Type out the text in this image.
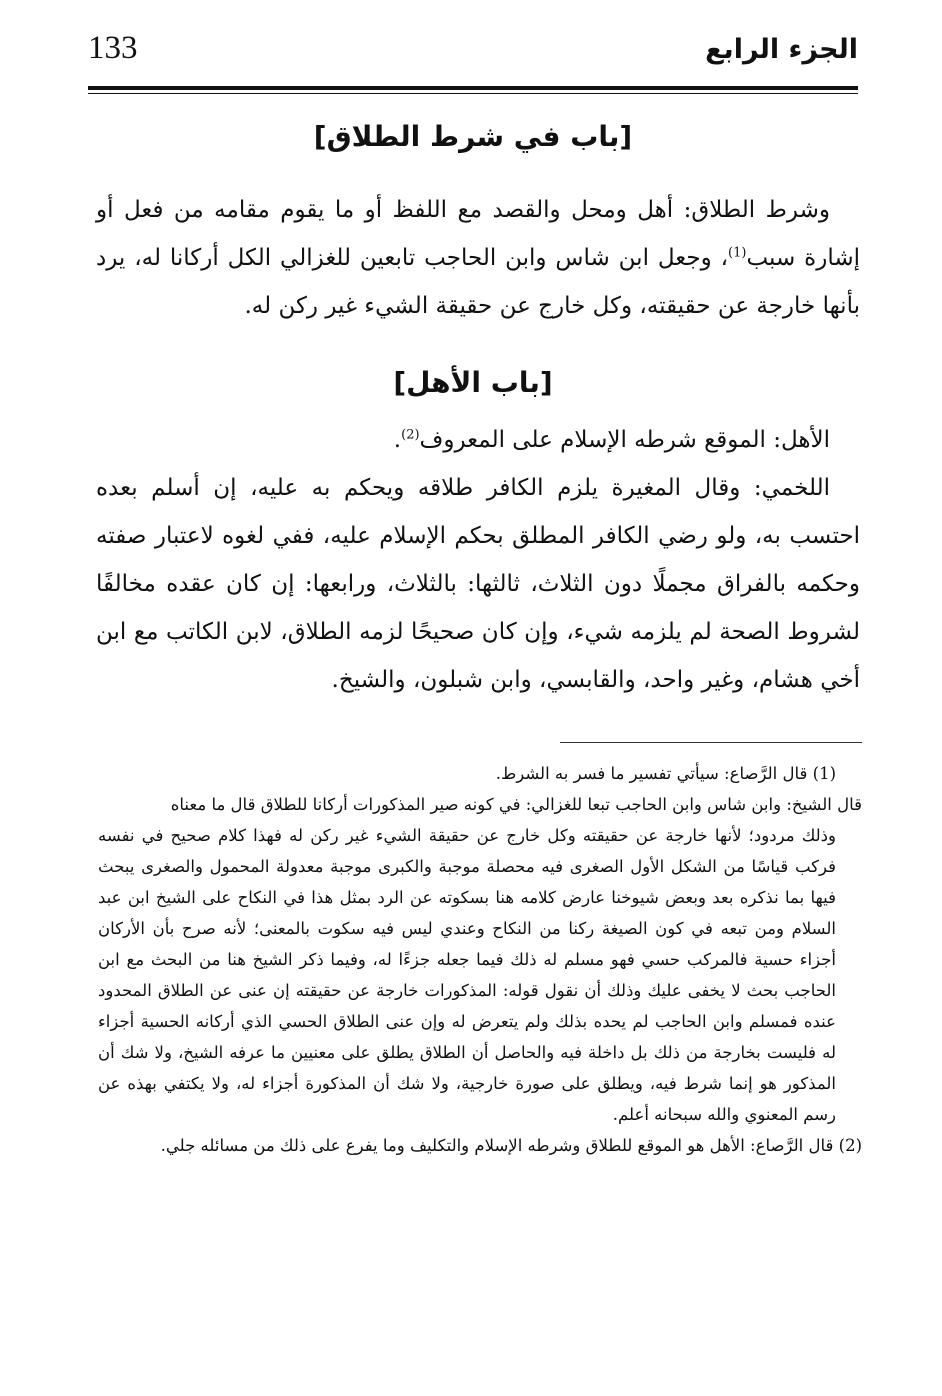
الجزء الرابع
133
[باب في شرط الطلاق]

وشرط الطلاق: أهل ومحل والقصد مع اللفظ أو ما يقوم مقامه من فعل أو إشارة سبب$^{(1)}$، وجعل ابن شاس وابن الحاجب تابعين للغزالي الكل أركانا له، يرد بأنها خارجة عن حقيقته، وكل خارج عن حقيقة الشيء غير ركن له.

[باب الأهل]

الأهل: الموقع شرطه الإسلام على المعروف$^{(2)}$.

اللخمي: وقال المغيرة يلزم الكافر طلاقه ويحكم به عليه، إن أسلم بعده احتسب به، ولو رضي الكافر المطلق بحكم الإسلام عليه، ففي لغوه لاعتبار صفته وحكمه بالفراق مجملًا دون الثلاث، ثالثها: بالثلاث، ورابعها: إن كان عقده مخالفًا لشروط الصحة لم يلزمه شيء، وإن كان صحيحًا لزمه الطلاق، لابن الكاتب مع ابن أخي هشام، وغير واحد، والقابسي، وابن شبلون، والشيخ.

(1) قال الرَّصاع: سيأتي تفسير ما فسر به الشرط.

قال الشيخ: وابن شاس وابن الحاجب تبعا للغزالي: في كونه صير المذكورات أركانا للطلاق قال ما معناه

وذلك مردود؛ لأنها خارجة عن حقيقته وكل خارج عن حقيقة الشيء غير ركن له فهذا كلام صحيح في نفسه فركب قياسًا من الشكل الأول الصغرى فيه محصلة موجبة والكبرى موجبة معدولة المحمول والصغرى يبحث فيها بما نذكره بعد وبعض شيوخنا عارض كلامه هنا بسكوته عن الرد بمثل هذا في النكاح على الشيخ ابن عبد السلام ومن تبعه في كون الصيغة ركنا من النكاح وعندي ليس فيه سكوت بالمعنى؛ لأنه صرح بأن الأركان أجزاء حسية فالمركب حسي فهو مسلم له ذلك فيما جعله جزءًا له، وفيما ذكر الشيخ هنا من البحث مع ابن الحاجب بحث لا يخفى عليك وذلك أن نقول قوله: المذكورات خارجة عن حقيقته إن عنى عن الطلاق المحدود عنده فمسلم وابن الحاجب لم يحده بذلك ولم يتعرض له وإن عنى الطلاق الحسي الذي أركانه الحسية أجزاء له فليست بخارجة من ذلك بل داخلة فيه والحاصل أن الطلاق يطلق على معنيين ما عرفه الشيخ، ولا شك أن المذكور هو إنما شرط فيه، ويطلق على صورة خارجية، ولا شك أن المذكورة أجزاء له، ولا يكتفي بهذه عن رسم المعنوي والله سبحانه أعلم.

(2) قال الرَّصاع: الأهل هو الموقع للطلاق وشرطه الإسلام والتكليف وما يفرع على ذلك من مسائله جلي.
